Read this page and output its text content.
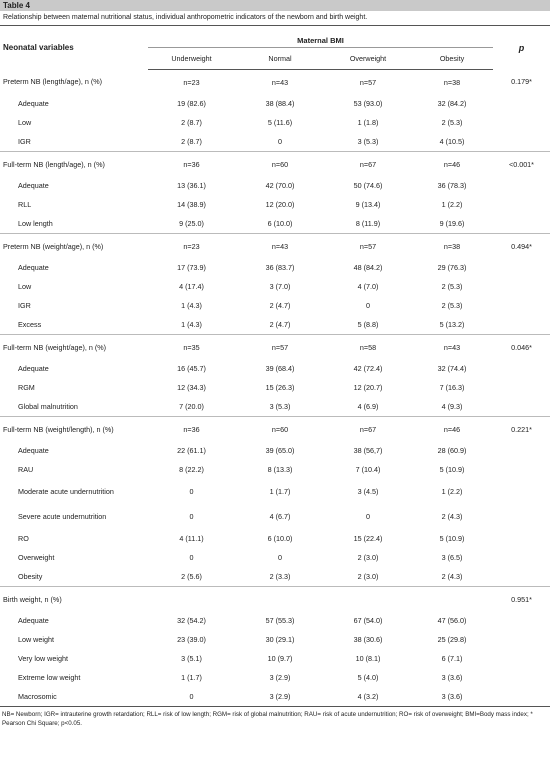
Table 4
Relationship between maternal nutritional status, individual anthropometric indicators of the newborn and birth weight.
Neonatal variables	Maternal BMI				p
	Underweight	Normal	Overweight	Obesity	
Preterm NB (length/age), n (%)	n=23	n=43	n=57	n=38	0.179*
Adequate	19 (82.6)	38 (88.4)	53 (93.0)	32 (84.2)	
Low	2 (8.7)	5 (11.6)	1 (1.8)	2 (5.3)	
IGR	2 (8.7)	0	3 (5.3)	4 (10.5)	
Full-term NB (length/age), n (%)	n=36	n=60	n=67	n=46	<0.001*
Adequate	13 (36.1)	42 (70.0)	50 (74.6)	36 (78.3)	
RLL	14 (38.9)	12 (20.0)	9 (13.4)	1 (2.2)	
Low length	9 (25.0)	6 (10.0)	8 (11.9)	9 (19.6)	
Preterm NB (weight/age), n (%)	n=23	n=43	n=57	n=38	0.494*
Adequate	17 (73.9)	36 (83.7)	48 (84.2)	29 (76.3)	
Low	4 (17.4)	3 (7.0)	4 (7.0)	2 (5.3)	
IGR	1 (4.3)	2 (4.7)	0	2 (5.3)	
Excess	1 (4.3)	2 (4.7)	5 (8.8)	5 (13.2)	
Full-term NB (weight/age), n (%)	n=35	n=57	n=58	n=43	0.046*
Adequate	16 (45.7)	39 (68.4)	42 (72.4)	32 (74.4)	
RGM	12 (34.3)	15 (26.3)	12 (20.7)	7 (16.3)	
Global malnutrition	7 (20.0)	3 (5.3)	4 (6.9)	4 (9.3)	
Full-term NB (weight/length), n (%)	n=36	n=60	n=67	n=46	0.221*
Adequate	22 (61.1)	39 (65.0)	38 (56,7)	28 (60.9)	
RAU	8 (22.2)	8 (13.3)	7 (10.4)	5 (10.9)	
Moderate acute undernutrition	0	1 (1.7)	3 (4.5)	1 (2.2)	
Severe acute undernutrition	0	4 (6.7)	0	2 (4.3)	
RO	4 (11.1)	6 (10.0)	15 (22.4)	5 (10.9)	
Overweight	0	0	2 (3.0)	3 (6.5)	
Obesity	2 (5.6)	2 (3.3)	2 (3.0)	2 (4.3)	
Birth weight, n (%)					0.951*
Adequate	32 (54.2)	57 (55.3)	67 (54.0)	47 (56.0)	
Low weight	23 (39.0)	30 (29.1)	38 (30.6)	25 (29.8)	
Very low weight	3 (5.1)	10 (9.7)	10 (8.1)	6 (7.1)	
Extreme low weight	1 (1.7)	3 (2.9)	5 (4.0)	3 (3.6)	
Macrosomic	0	3 (2.9)	4 (3.2)	3 (3.6)	
NB= Newborn; IGR= intrauterine growth retardation; RLL= risk of low length; RGM= risk of global malnutrition; RAU= risk of acute undernutrition; RO= risk of overweight; BMI=Body mass index; * Pearson Chi Square; p<0.05.
